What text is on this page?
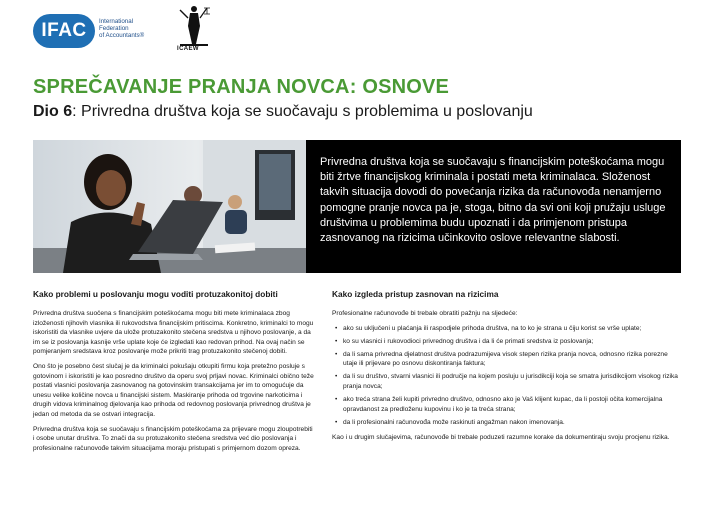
IFAC International
Federation
of Accountants®
ICAEW
SPREČAVANJE PRANJA NOVCA: OSNOVE
Dio 6: Privredna društva koja se suočavaju s problemima u poslovanju
Privredna društva koja se suočavaju s financijskim poteškoćama mogu biti žrtve financijskog kriminala i postati meta kriminalaca. Složenost takvih situacija dovodi do povećanja rizika da računovođa nenamjerno pomogne pranje novca pa je, stoga, bitno da svi oni koji pružaju usluge društvima u problemima budu upoznati i da primjenom pristupa zasnovanog na rizicima učinkovito oslove relevantne slabosti.
Kako problemi u poslovanju mogu voditi protuzakonitoj dobiti

Privredna društva suočena s financijskim poteškoćama mogu biti mete kriminalaca zbog izloženosti njihovih vlasnika ili rukovodstva financijskim pritiscima. Konkretno, kriminalci to mogu iskoristiti da vlasnike uvjere da ulože protuzakonito stečena sredstva u njihovo poslovanje, a da im se iz poslovanja kasnije vrše uplate koje će izgledati kao redovan prihod. Na ovaj način se pomjeranjem sredstava kroz poslovanje može prikriti trag protuzakonito stečenoj dobiti.

Ono što je posebno čest slučaj je da kriminalci pokušaju otkupiti firmu koja pretežno posluje s gotovinom i iskoristiti je kao posredno društvo da operu svoj prljavi novac. Kriminalci obično teže postati vlasnici poslovanja zasnovanog na gotovinskim transakcijama jer im to omogućuje da unesu velike količine novca u financijski sistem. Maskiranje prihoda od trgovine narkoticima i drugih vidova kriminalnog djelovanja kao prihoda od redovnog poslovanja privrednog društva je jedan od metoda da se ostvari integracija.

Privredna društva koja se suočavaju s financijskim poteškoćama za prijevare mogu zloupotrebiti i osobe unutar društva. To znači da su protuzakonito stečena sredstva već dio poslovanja i profesionalne računovođe takvim situacijama moraju pristupati s primjernom dozom opreza.

Kako izgleda pristup zasnovan na rizicima

Profesionalne računovođe bi trebale obratiti pažnju na sljedeće:

• ako su uključeni u plaćanja ili raspodjele prihoda društva, na to ko je strana u čiju korist se vrše uplate;
• ko su vlasnici i rukovodioci privrednog društva i da li će primati sredstva iz poslovanja;
• da li sama privredna djelatnost društva podrazumijeva visok stepen rizika pranja novca, odnosno rizika porezne utaje ili prijevare po osnovu diskontiranja faktura;
• da li su društvo, stvarni vlasnici ili područje na kojem posluju u jurisdikciji koja se smatra jurisdikcijom visokog rizika pranja novca;
• ako treća strana želi kupiti privredno društvo, odnosno ako je Vaš klijent kupac, da li postoji očita komercijalna opravdanost za predloženu kupovinu i ko je ta treća strana;
• da li profesionalni računovođa može raskinuti angažman nakon imenovanja.

Kao i u drugim slučajevima, računovođe bi trebale poduzeti razumne korake da dokumentiraju svoju procjenu rizika.
